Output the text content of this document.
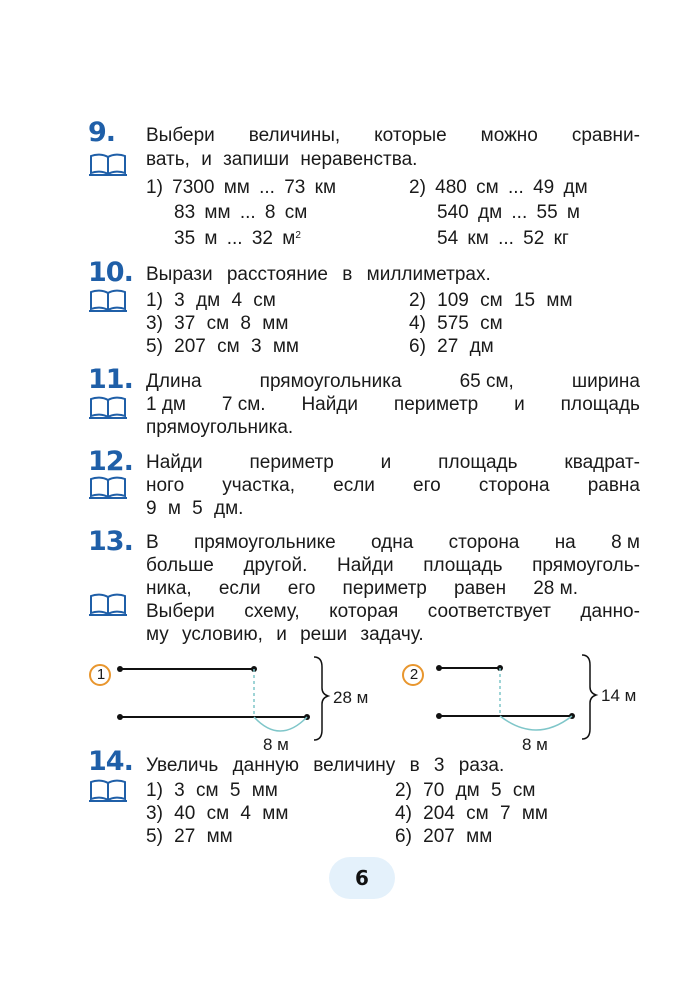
9. Выбери величины, которые можно сравни-
вать, и запиши неравенства.
1) 7300 мм ... 73 км
83 мм ... 8 см
35 м ... 32 $м^2$
2) 480 см ... 49 дм
540 дм ... 55 м
54 км ... 52 кг
10. Вырази расстояние в миллиметрах.
1) 3 дм 4 см	2) 109 см 15 мм
3) 37 см 8 мм	4) 575 см
5) 207 см 3 мм	6) 27 дм
11. Длина	прямоугольника	65 см,	ширина
1 дм 7 см. Найди периметр и площадь
прямоугольника.
12. Найди периметр и площадь квадрат-
ного участка, если его сторона равна
9 м 5 дм.
13. В прямоугольнике одна сторона на 8 м
больше другой. Найди площадь прямоуголь-
ника, если его периметр равен 28 м.
Выбери схему, которая соответствует данно-
му условию, и реши задачу.
1
28 м
8 м
2
14 м
8 м
14. Увеличь данную величину в 3 раза.
1) 3 см 5 мм	2) 70 дм 5 см
3) 40 см 4 мм	4) 204 см 7 мм
5) 27 мм	6) 207 мм
6
